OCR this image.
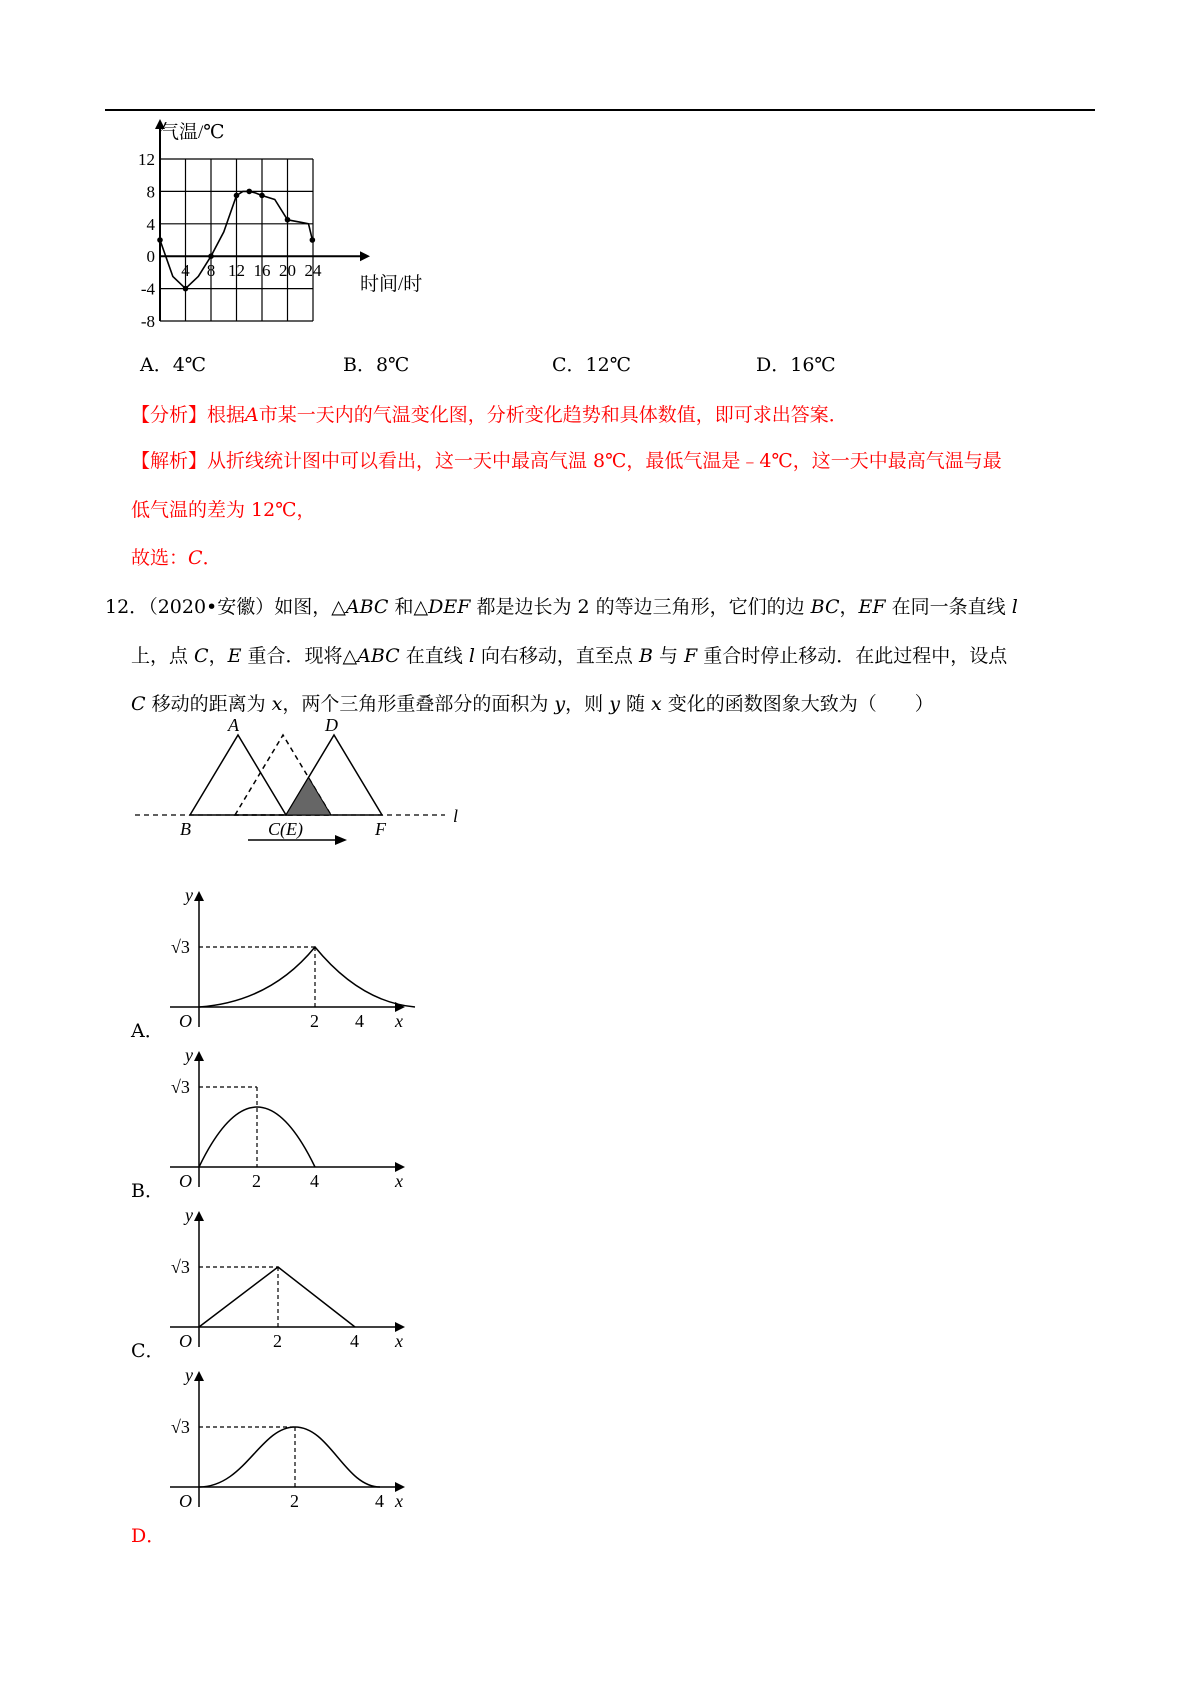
12
8
4
0
-4
-8
4 8 12 16 20 24
气温/℃
时间/时
A．4℃	B．8℃	C．12℃	D．16℃
【分析】根据A市某一天内的气温变化图，分析变化趋势和具体数值，即可求出答案．
【解析】从折线统计图中可以看出，这一天中最高气温 8℃，最低气温是﹣4℃，这一天中最高气温与最
低气温的差为 12℃，
故选：C．
12．（2020•安徽）如图，△ABC 和△DEF 都是边长为 2 的等边三角形，它们的边 BC，EF 在同一条直线 l
上，点 C，E 重合．现将△ABC 在直线 l 向右移动，直至点 B 与 F 重合时停止移动．在此过程中，设点
C 移动的距离为 x，两个三角形重叠部分的面积为 y，则 y 随 x 变化的函数图象大致为（　　）
A
B	C(E)
D
F
l
y
√3
O	2 4 x
A．
y
√3
O	2	4	x
B．
y
√3
O	2	4 x
C．
y
√3
O	2	4 x
D．
